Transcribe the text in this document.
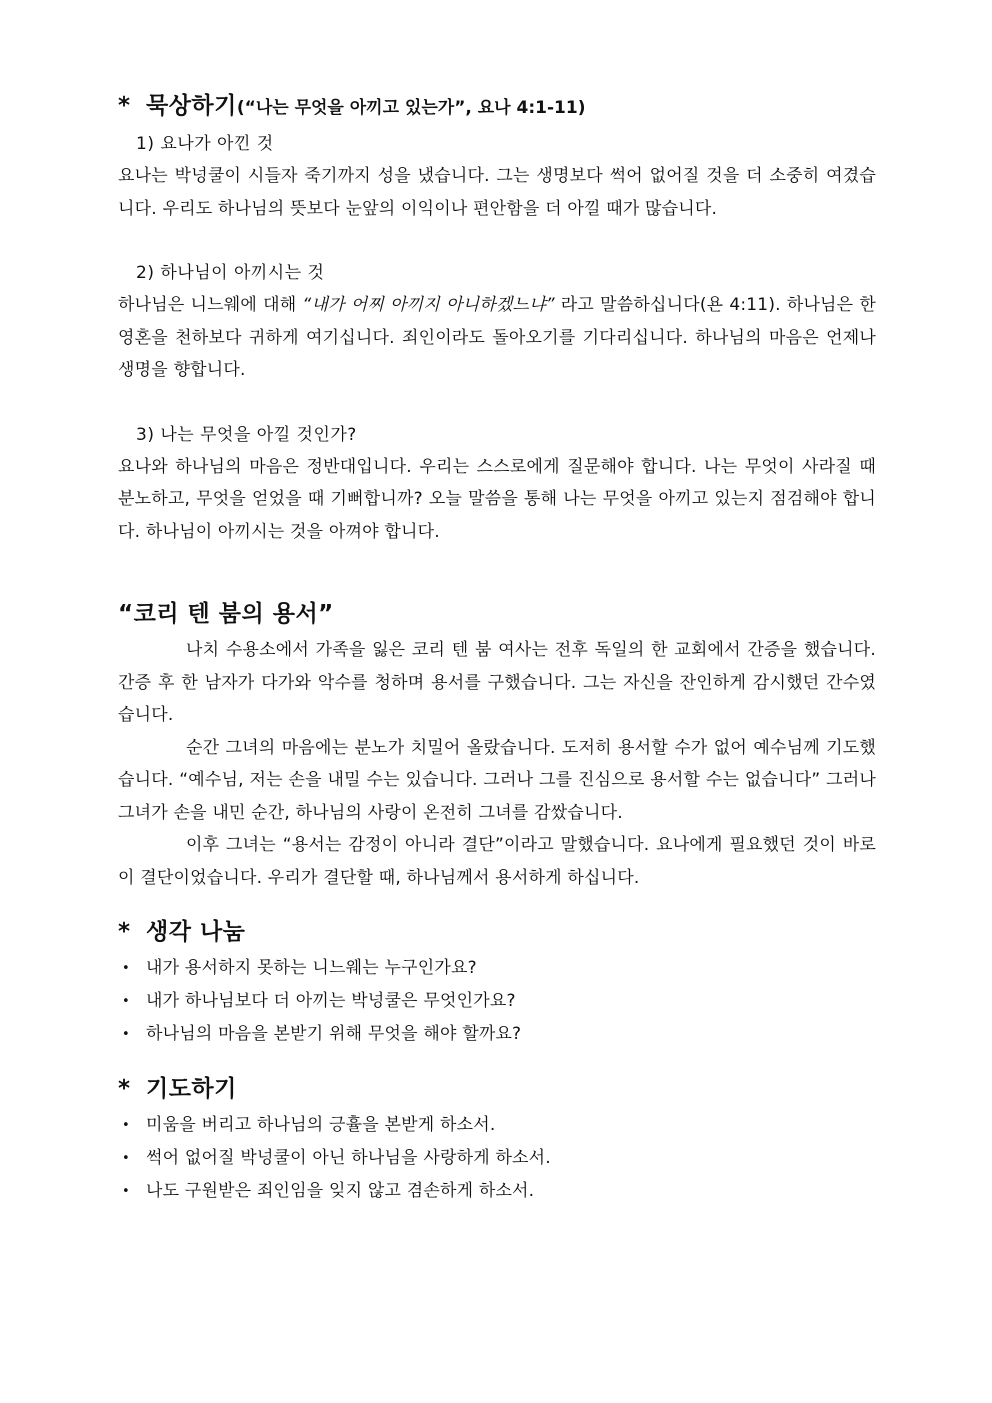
* 묵상하기(“나는 무엇을 아끼고 있는가”, 요나 4:1-11)

1) 요나가 아낀 것

요나는 박넝쿨이 시들자 죽기까지 성을 냈습니다. 그는 생명보다 썩어 없어질 것을 더 소중히 여겼습니다. 우리도 하나님의 뜻보다 눈앞의 이익이나 편안함을 더 아낄 때가 많습니다.

2) 하나님이 아끼시는 것

하나님은 니느웨에 대해 “내가 어찌 아끼지 아니하겠느냐” 라고 말씀하십니다(욘 4:11). 하나님은 한 영혼을 천하보다 귀하게 여기십니다. 죄인이라도 돌아오기를 기다리십니다. 하나님의 마음은 언제나 생명을 향합니다.

3) 나는 무엇을 아낄 것인가?

요나와 하나님의 마음은 정반대입니다. 우리는 스스로에게 질문해야 합니다. 나는 무엇이 사라질 때 분노하고, 무엇을 얻었을 때 기뻐합니까? 오늘 말씀을 통해 나는 무엇을 아끼고 있는지 점검해야 합니다. 하나님이 아끼시는 것을 아껴야 합니다.

“코리 텐 붐의 용서”

나치 수용소에서 가족을 잃은 코리 텐 붐 여사는 전후 독일의 한 교회에서 간증을 했습니다. 간증 후 한 남자가 다가와 악수를 청하며 용서를 구했습니다. 그는 자신을 잔인하게 감시했던 간수였습니다.

순간 그녀의 마음에는 분노가 치밀어 올랐습니다. 도저히 용서할 수가 없어 예수님께 기도했습니다. “예수님, 저는 손을 내밀 수는 있습니다. 그러나 그를 진심으로 용서할 수는 없습니다” 그러나 그녀가 손을 내민 순간, 하나님의 사랑이 온전히 그녀를 감쌌습니다.

이후 그녀는 “용서는 감정이 아니라 결단”이라고 말했습니다. 요나에게 필요했던 것이 바로 이 결단이었습니다. 우리가 결단할 때, 하나님께서 용서하게 하십니다.

* 생각 나눔
• 내가 용서하지 못하는 니느웨는 누구인가요?
• 내가 하나님보다 더 아끼는 박넝쿨은 무엇인가요?
• 하나님의 마음을 본받기 위해 무엇을 해야 할까요?
* 기도하기
• 미움을 버리고 하나님의 긍휼을 본받게 하소서.
• 썩어 없어질 박넝쿨이 아닌 하나님을 사랑하게 하소서.
• 나도 구원받은 죄인임을 잊지 않고 겸손하게 하소서.
